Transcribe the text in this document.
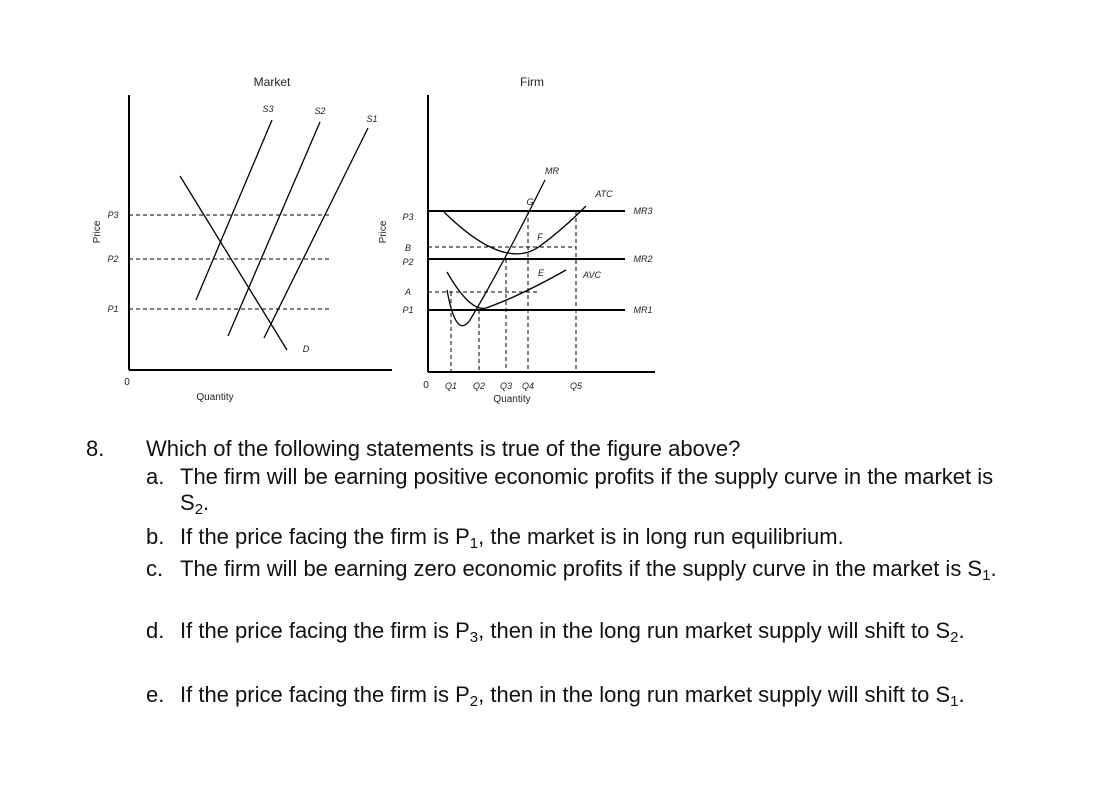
Market
Price
Quantity
0
P3
P2
P1
S3	S2
S1
D
Firm
Price
Quantity
0
P3
B
P2
A
P1
MR
ATC
AVC
MR3
MR2
MR1
G
F
E
Q1 Q2 Q3 Q4	Q5
8. Which of the following statements is true of the figure above?
a. The firm will be earning positive economic profits if the supply curve in the market is $S_2$.
b. If the price facing the firm is $P_1$, the market is in long run equilibrium.
c. The firm will be earning zero economic profits if the supply curve in the market is $S_1$.
d. If the price facing the firm is $P_3$, then in the long run market supply will shift to $S_2$.
e. If the price facing the firm is $P_2$, then in the long run market supply will shift to $S_1$.
